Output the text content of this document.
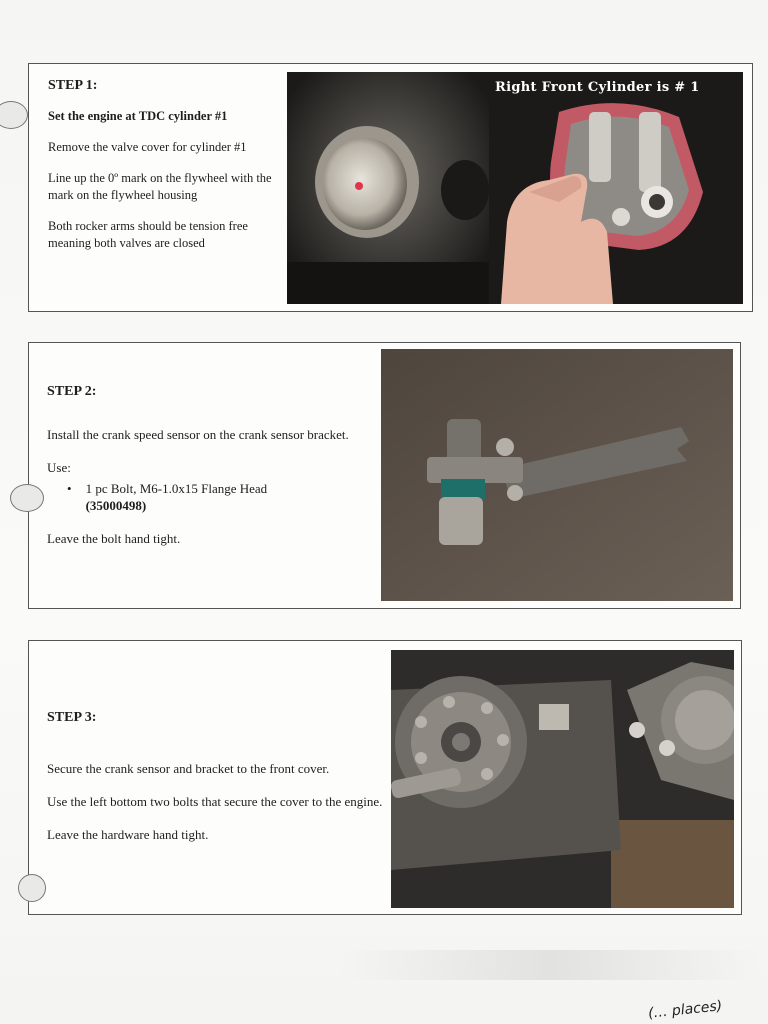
STEP 1:

Set the engine at TDC cylinder #1

Remove the valve cover for cylinder #1

Line up the 0º mark on the flywheel with the mark on the flywheel housing

Both rocker arms should be tension free meaning both valves are closed

Right Front Cylinder is # 1

STEP 2:

Install the crank speed sensor on the crank sensor bracket.

Use:

• 1 pc Bolt, M6-1.0x15 Flange Head

(35000498)

Leave the bolt hand tight.

STEP 3:

Secure the crank sensor and bracket to the front cover.

Use the left bottom two bolts that secure the cover to the engine.

Leave the hardware hand tight.

(… places)
